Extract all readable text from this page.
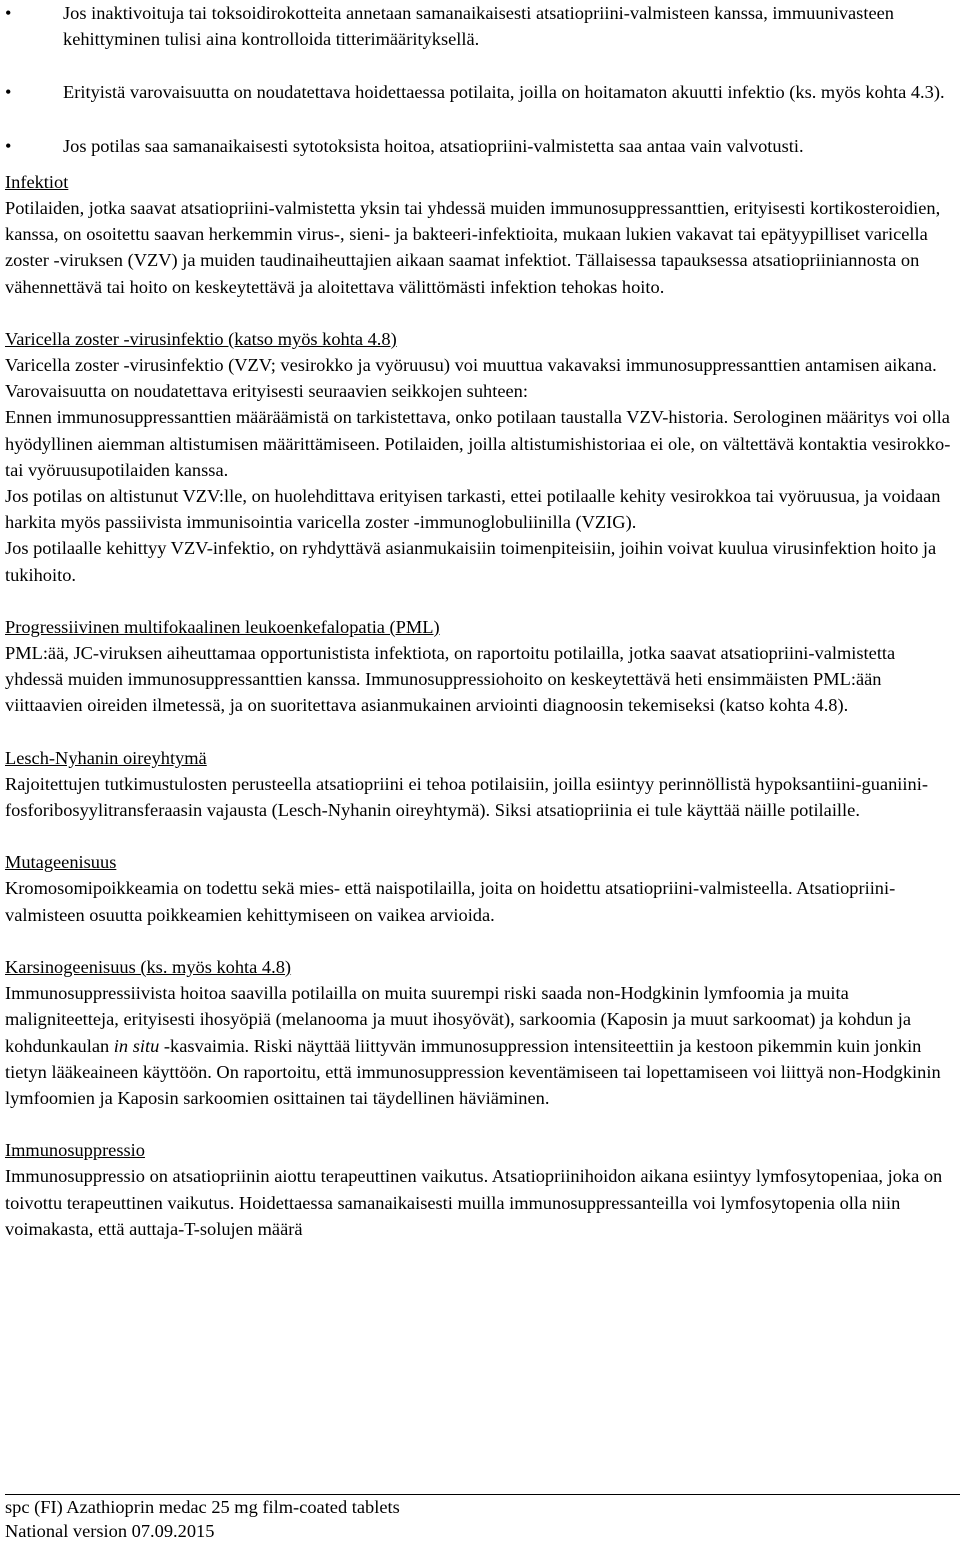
•	Jos inaktivoituja tai toksoidirokotteita annetaan samanaikaisesti atsatiopriini-valmisteen kanssa, immuunivasteen kehittyminen tulisi aina kontrolloida titterimäärityksellä.
•	Erityistä varovaisuutta on noudatettava hoidettaessa potilaita, joilla on hoitamaton akuutti infektio (ks. myös kohta 4.3).
•	Jos potilas saa samanaikaisesti sytotoksista hoitoa, atsatiopriini-valmistetta saa antaa vain valvotusti.

Infektiot

Potilaiden, jotka saavat atsatiopriini-valmistetta yksin tai yhdessä muiden immunosuppressanttien, erityisesti kortikosteroidien, kanssa, on osoitettu saavan herkemmin virus-, sieni- ja bakteeri-infektioita, mukaan lukien vakavat tai epätyypilliset varicella zoster -viruksen (VZV) ja muiden taudinaiheuttajien aikaan saamat infektiot. Tällaisessa tapauksessa atsatiopriiniannosta on vähennettävä tai hoito on keskeytettävä ja aloitettava välittömästi infektion tehokas hoito.

Varicella zoster -virusinfektio (katso myös kohta 4.8)

Varicella zoster -virusinfektio (VZV; vesirokko ja vyöruusu) voi muuttua vakavaksi immunosuppressanttien antamisen aikana. Varovaisuutta on noudatettava erityisesti seuraavien seikkojen suhteen:

Ennen immunosuppressanttien määräämistä on tarkistettava, onko potilaan taustalla VZV-historia. Serologinen määritys voi olla hyödyllinen aiemman altistumisen määrittämiseen. Potilaiden, joilla altistumishistoriaa ei ole, on vältettävä kontaktia vesirokko- tai vyöruusupotilaiden kanssa.

Jos potilas on altistunut VZV:lle, on huolehdittava erityisen tarkasti, ettei potilaalle kehity vesirokkoa tai vyöruusua, ja voidaan harkita myös passiivista immunisointia varicella zoster -immunoglobuliinilla (VZIG).

Jos potilaalle kehittyy VZV-infektio, on ryhdyttävä asianmukaisiin toimenpiteisiin, joihin voivat kuulua virusinfektion hoito ja tukihoito.

Progressiivinen multifokaalinen leukoenkefalopatia (PML)

PML:ää, JC-viruksen aiheuttamaa opportunistista infektiota, on raportoitu potilailla, jotka saavat atsatiopriini-valmistetta yhdessä muiden immunosuppressanttien kanssa. Immunosuppressiohoito on keskeytettävä heti ensimmäisten PML:ään viittaavien oireiden ilmetessä, ja on suoritettava asianmukainen arviointi diagnoosin tekemiseksi (katso kohta 4.8).

Lesch-Nyhanin oireyhtymä

Rajoitettujen tutkimustulosten perusteella atsatiopriini ei tehoa potilaisiin, joilla esiintyy perinnöllistä hypoksantiini-guaniini-fosforibosyylitransferaasin vajausta (Lesch-Nyhanin oireyhtymä). Siksi atsatiopriinia ei tule käyttää näille potilaille.

Mutageenisuus

Kromosomipoikkeamia on todettu sekä mies- että naispotilailla, joita on hoidettu atsatiopriini-valmisteella. Atsatiopriini-valmisteen osuutta poikkeamien kehittymiseen on vaikea arvioida.

Karsinogeenisuus (ks. myös kohta 4.8)

Immunosuppressiivista hoitoa saavilla potilailla on muita suurempi riski saada non-Hodgkinin lymfoomia ja muita maligniteetteja, erityisesti ihosyöpiä (melanooma ja muut ihosyövät), sarkoomia (Kaposin ja muut sarkoomat) ja kohdun ja kohdunkaulan in situ -kasvaimia. Riski näyttää liittyvän immunosuppression intensiteettiin ja kestoon pikemmin kuin jonkin tietyn lääkeaineen käyttöön. On raportoitu, että immunosuppression keventämiseen tai lopettamiseen voi liittyä non-Hodgkinin lymfoomien ja Kaposin sarkoomien osittainen tai täydellinen häviäminen.

Immunosuppressio

Immunosuppressio on atsatiopriinin aiottu terapeuttinen vaikutus. Atsatiopriinihoidon aikana esiintyy lymfosytopeniaa, joka on toivottu terapeuttinen vaikutus. Hoidettaessa samanaikaisesti muilla immunosuppressanteilla voi lymfosytopenia olla niin voimakasta, että auttaja-T-solujen määrä

spc (FI) Azathioprin medac 25 mg film-coated tablets
National version 07.09.2015
